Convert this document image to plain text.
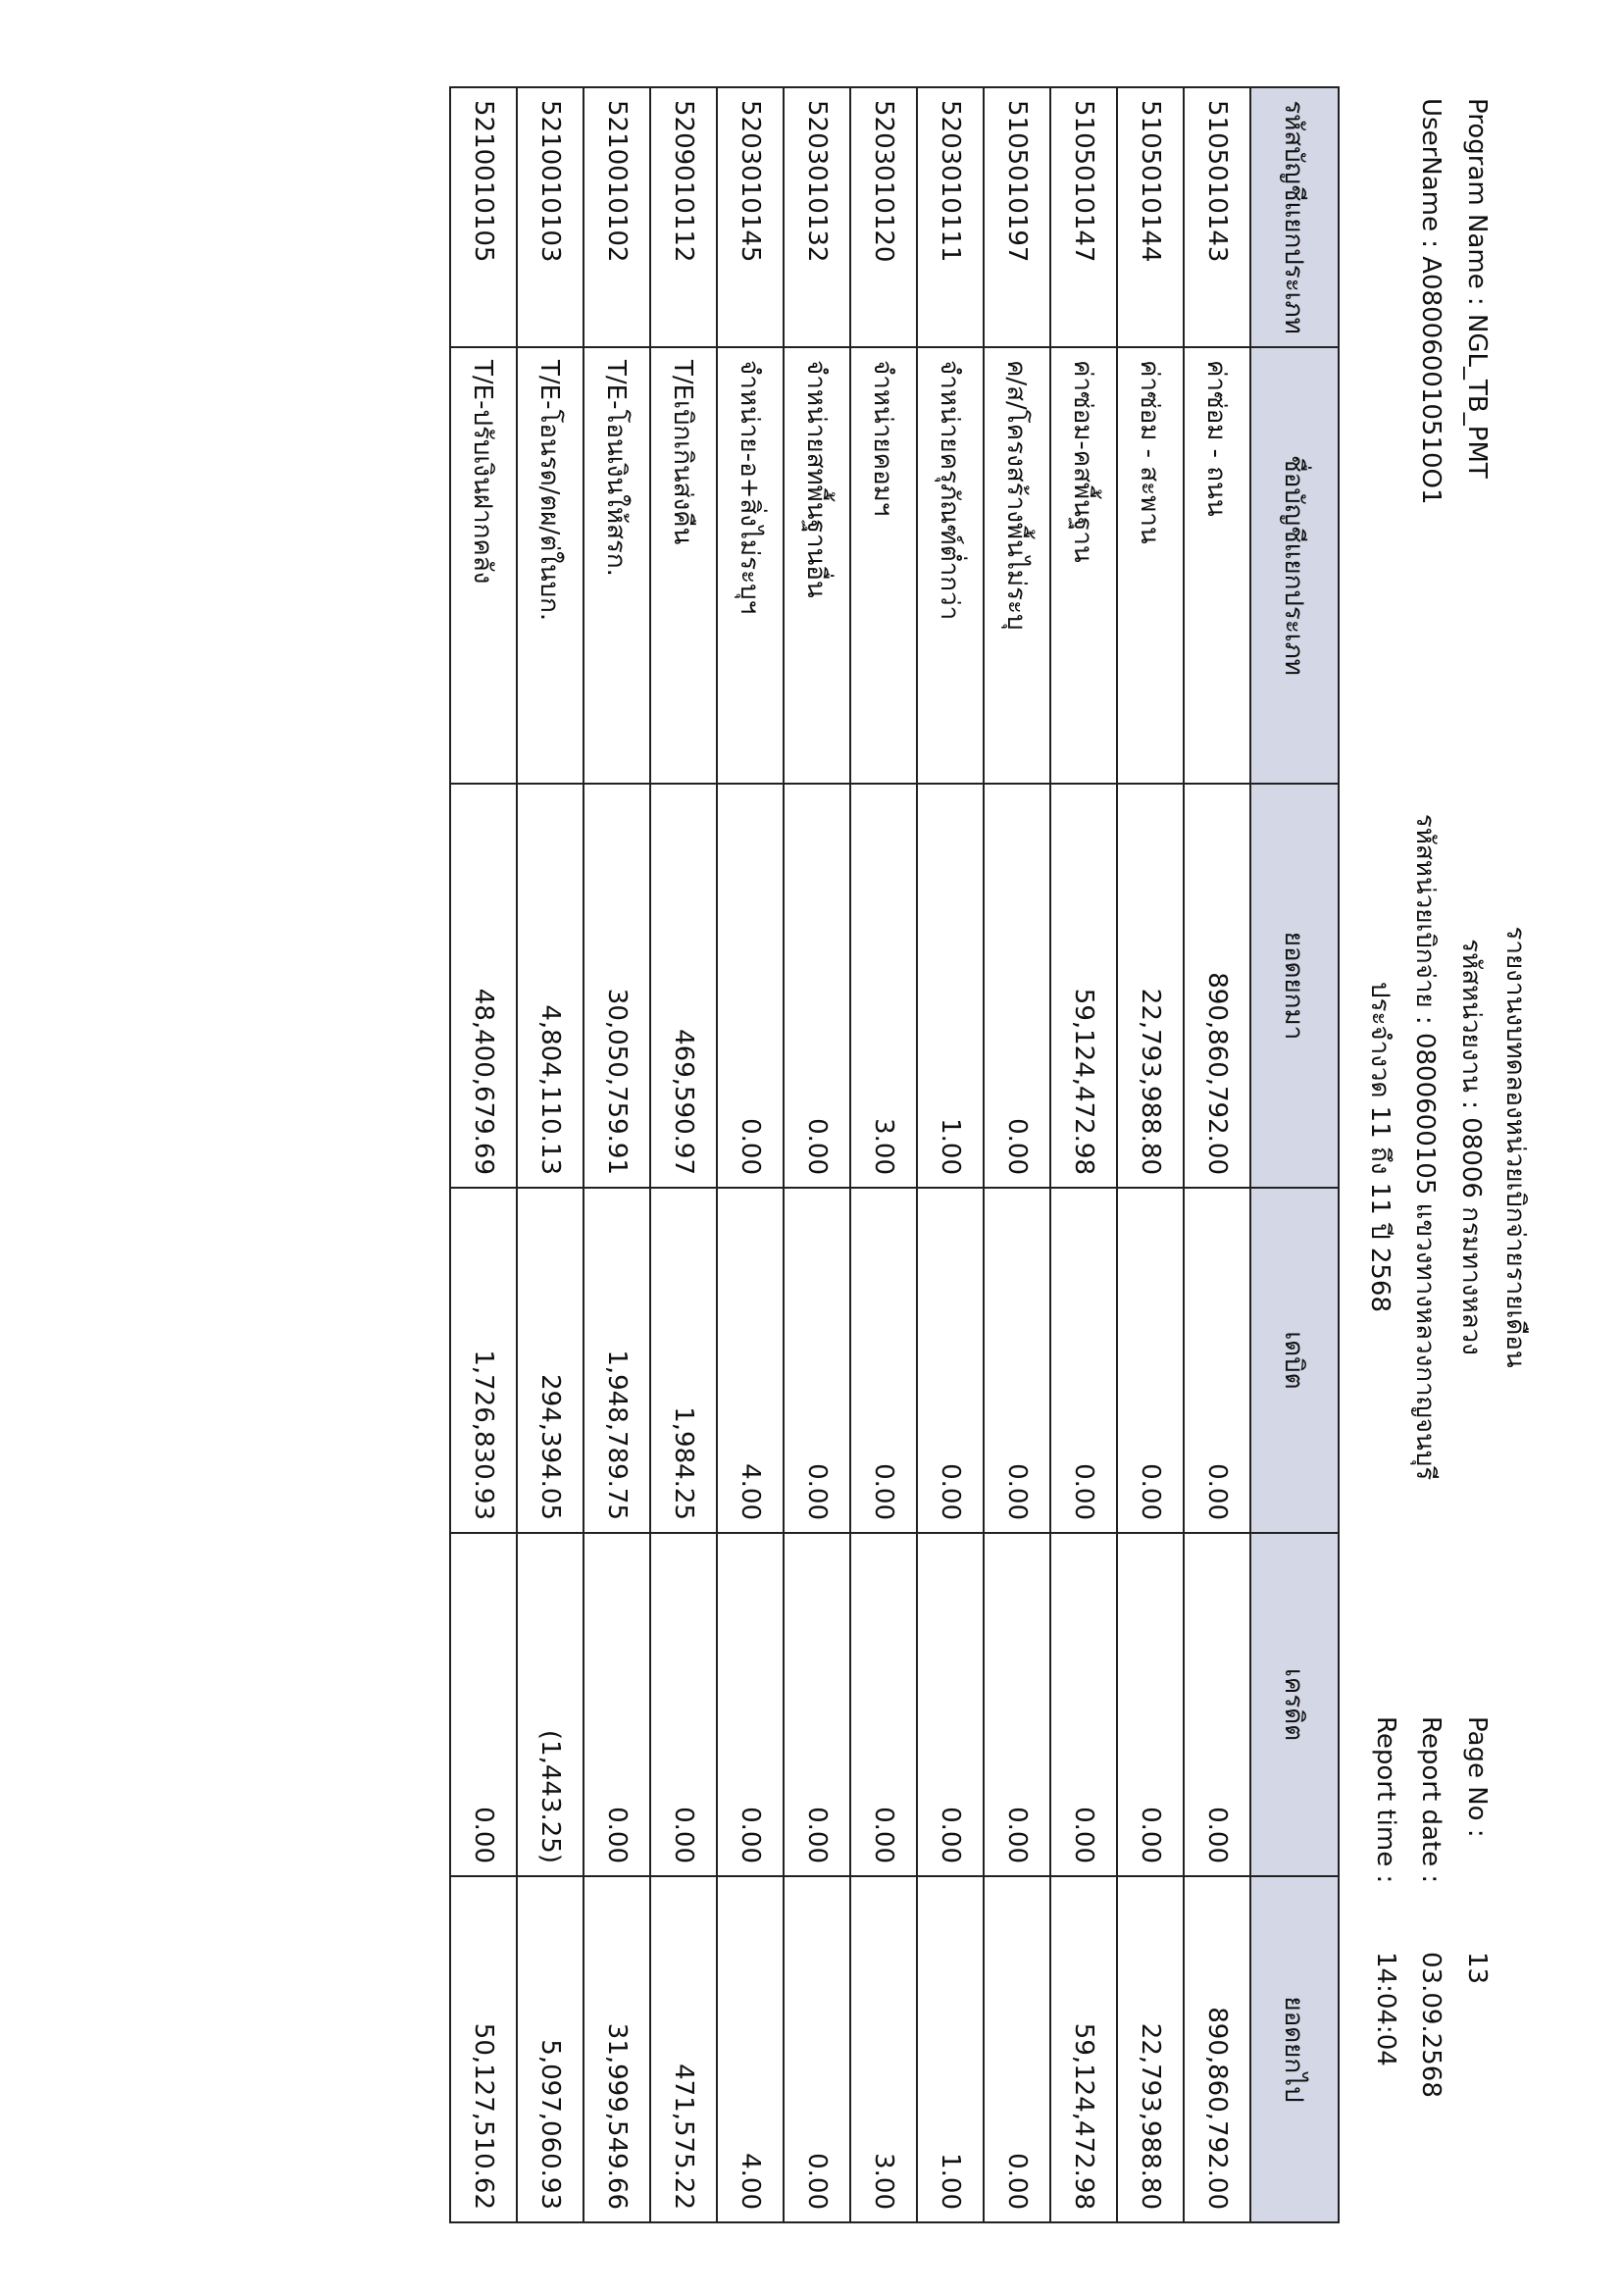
รายงานงบทดลองหน่วยเบิกจ่ายรายเดือน
รหัสหน่วยงาน : 08006 กรมทางหลวง
รหัสหน่วยเบิกจ่าย : 0800600105 แขวงทางหลวงกาญจนบุรี
ประจำงวด 11 ถึง 11 ปี 2568
Program Name : NGL_TB_PMT
UserName : A080060010510O1
Page No :13
Report date :03.09.2568
Report time :14:04:04
รหัสบัญชีแยกประเภท	ชื่อบัญชีแยกประเภท	ยอดยกมา	เดบิต	เครดิต	ยอดยกไป
5105010143	ค่าซ่อม - ถนน	890,860,792.00	0.00	0.00	890,860,792.00
5105010144	ค่าซ่อม - สะพาน	22,793,988.80	0.00	0.00	22,793,988.80
5105010147	ค่าซ่อม-คสพื้นฐาน	59,124,472.98	0.00	0.00	59,124,472.98
5105010197	ค/ส/โครงสร้างพื้นไม่ระบุ	0.00	0.00	0.00	0.00
5203010111	จำหน่ายครุภัณฑ์ต่ำกว่า	1.00	0.00	0.00	1.00
5203010120	จำหน่ายคอมฯ	3.00	0.00	0.00	3.00
5203010132	จำหน่ายสทพื้นฐานอื่น	0.00	0.00	0.00	0.00
5203010145	จำหน่าย-อ+สิ่งไม่ระบุฯ	0.00	4.00	0.00	4.00
5209010112	T/Eเบิกเกินส่งคืน	469,590.97	1,984.25	0.00	471,575.22
5210010102	T/E-โอนเงินให้สรก.	30,050,759.91	1,948,789.75	0.00	31,999,549.66
5210010103	T/E-โอนรด/ตผ/ต่ในบก.	4,804,110.13	294,394.05	(1,443.25)	5,097,060.93
5210010105	T/E-ปรับเงินฝากคลัง	48,400,679.69	1,726,830.93	0.00	50,127,510.62
